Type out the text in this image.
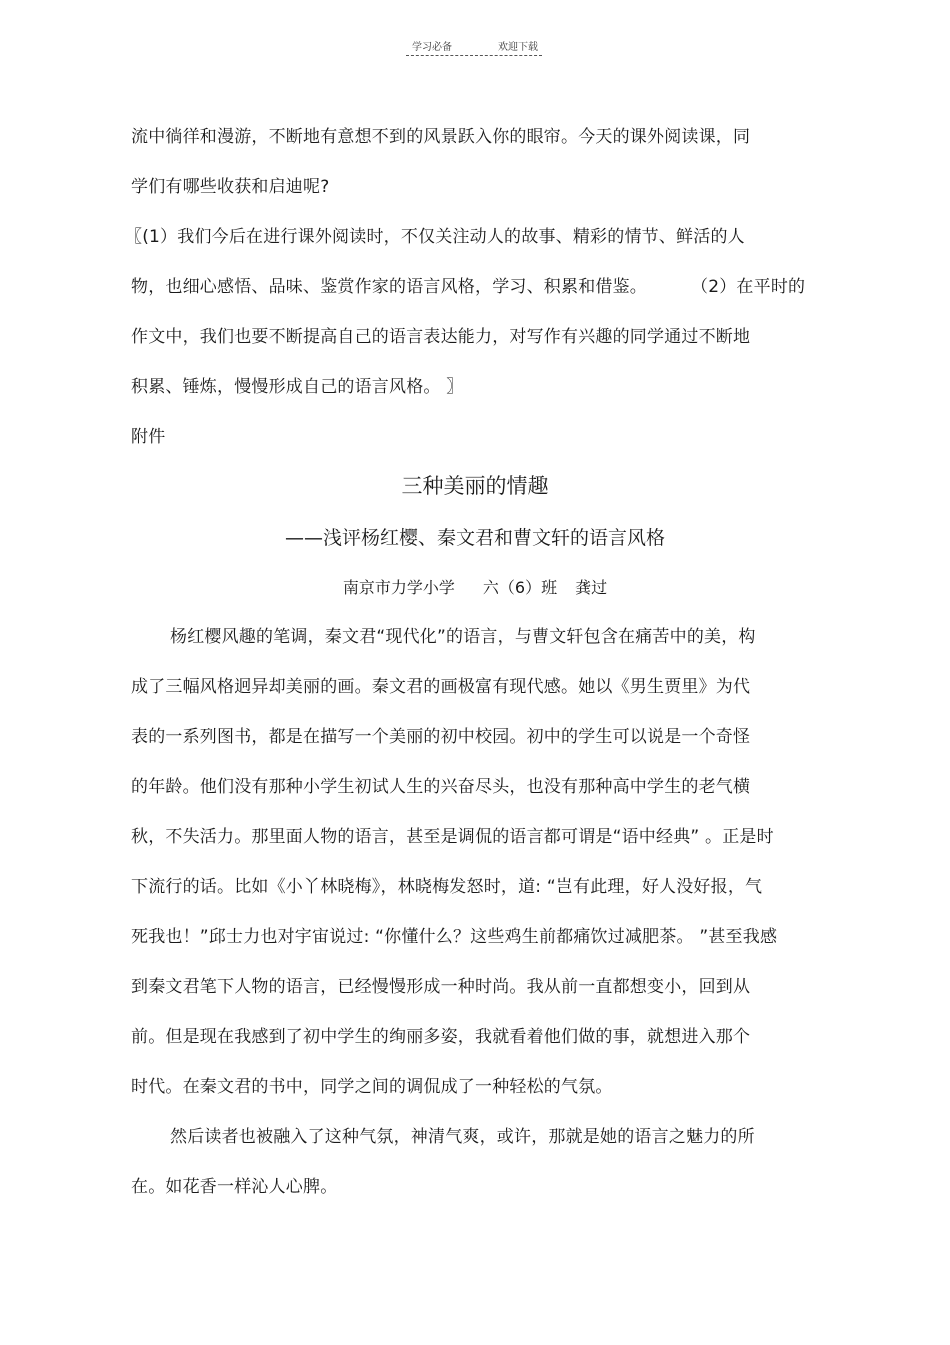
学习必备	欢迎下载
流中徜徉和漫游，不断地有意想不到的风景跃入你的眼帘。今天的课外阅读课，同
学们有哪些收获和启迪呢?
〖(1）我们今后在进行课外阅读时，不仅关注动人的故事、精彩的情节、鲜活的人
物，也细心感悟、品味、鉴赏作家的语言风格，学习、积累和借鉴。	（2）在平时的
作文中，我们也要不断提高自己的语言表达能力，对写作有兴趣的同学通过不断地
积累、锤炼，慢慢形成自己的语言风格。 〗
附件
三种美丽的情趣
——浅评杨红樱、秦文君和曹文轩的语言风格
南京市力学小学 六（6）班 龚过
杨红樱风趣的笔调，秦文君“现代化”的语言，与曹文轩包含在痛苦中的美，构
成了三幅风格迥异却美丽的画。秦文君的画极富有现代感。她以《男生贾里》为代
表的一系列图书，都是在描写一个美丽的初中校园。初中的学生可以说是一个奇怪
的年龄。他们没有那种小学生初试人生的兴奋尽头，也没有那种高中学生的老气横
秋，不失活力。那里面人物的语言，甚至是调侃的语言都可谓是“语中经典” 。正是时
下流行的话。比如《小丫林晓梅》，林晓梅发怒时，道: “岂有此理，好人没好报，气
死我也！”邱士力也对宇宙说过: “你懂什么？这些鸡生前都痛饮过减肥茶。 ”甚至我感
到秦文君笔下人物的语言，已经慢慢形成一种时尚。我从前一直都想变小，回到从
前。但是现在我感到了初中学生的绚丽多姿，我就看着他们做的事，就想进入那个
时代。在秦文君的书中，同学之间的调侃成了一种轻松的气氛。
然后读者也被融入了这种气氛，神清气爽，或许，那就是她的语言之魅力的所
在。如花香一样沁人心脾。
